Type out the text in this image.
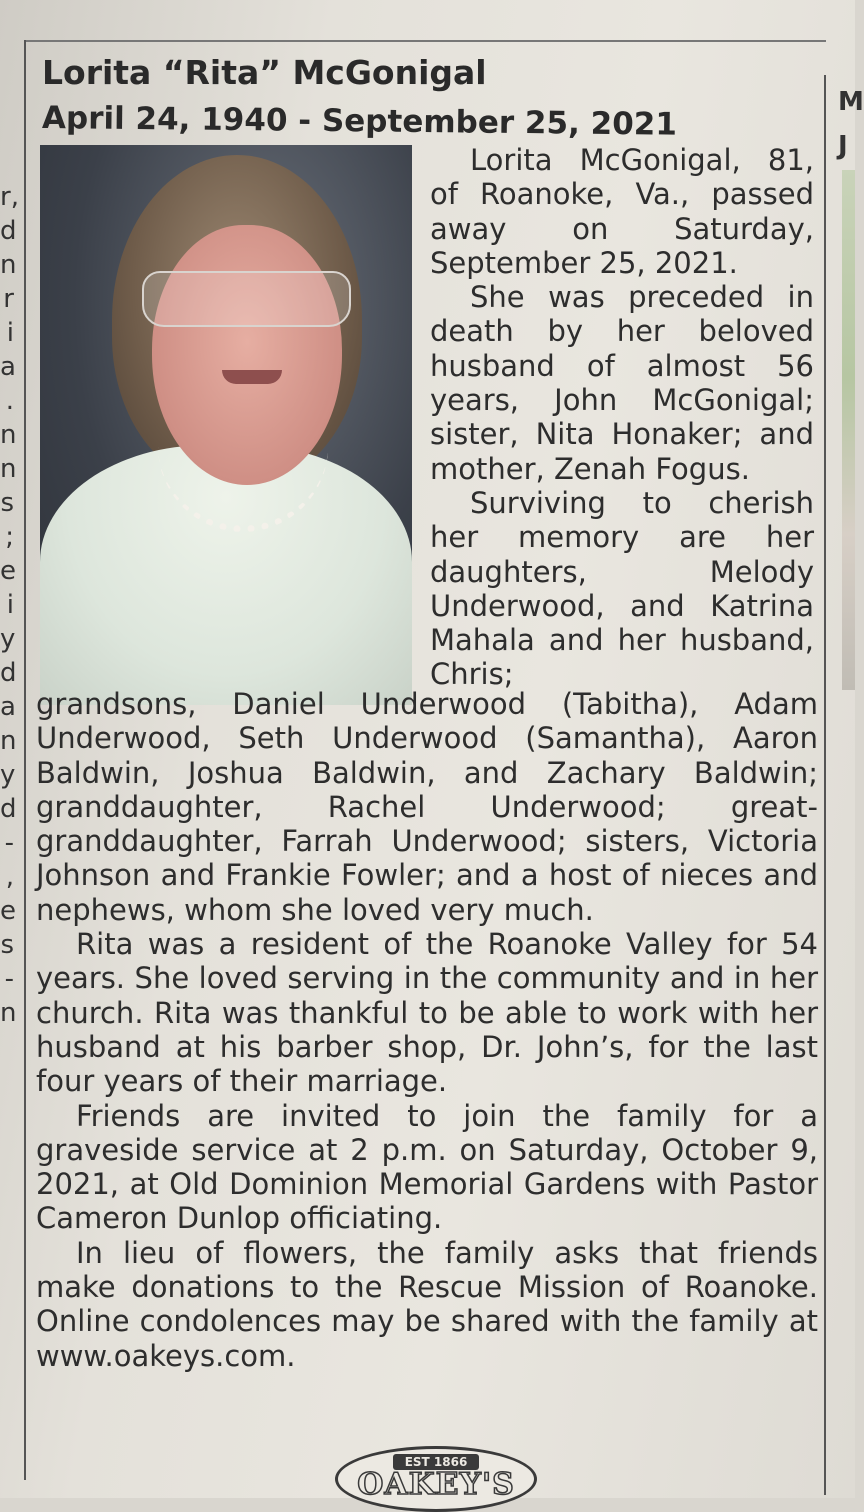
r, d n r i a . n n s ; e i y d a n y d - , e s - n
M J
Lorita “Rita” McGonigal
April 24, 1940 - September 25, 2021

Lorita McGonigal, 81, of Roanoke, Va., passed away on Saturday, September 25, 2021.

She was preceded in death by her beloved husband of almost 56 years, John McGonigal; sister, Nita Honaker; and mother, Zenah Fogus.

Surviving to cherish her memory are her daughters, Melody Underwood, and Katrina Mahala and her husband, Chris;

grandsons, Daniel Underwood (Tabitha), Adam Underwood, Seth Underwood (Samantha), Aaron Baldwin, Joshua Baldwin, and Zachary Baldwin; granddaughter, Rachel Underwood; great-granddaughter, Farrah Underwood; sisters, Victoria Johnson and Frankie Fowler; and a host of nieces and nephews, whom she loved very much.

Rita was a resident of the Roanoke Valley for 54 years. She loved serving in the community and in her church. Rita was thankful to be able to work with her husband at his barber shop, Dr. John’s, for the last four years of their marriage.

Friends are invited to join the family for a graveside service at 2 p.m. on Saturday, October 9, 2021, at Old Dominion Memorial Gardens with Pastor Cameron Dunlop officiating.

In lieu of flowers, the family asks that friends make donations to the Rescue Mission of Roanoke. Online condolences may be shared with the family at www.oakeys.com.

EST 1866
OAKEY'S
